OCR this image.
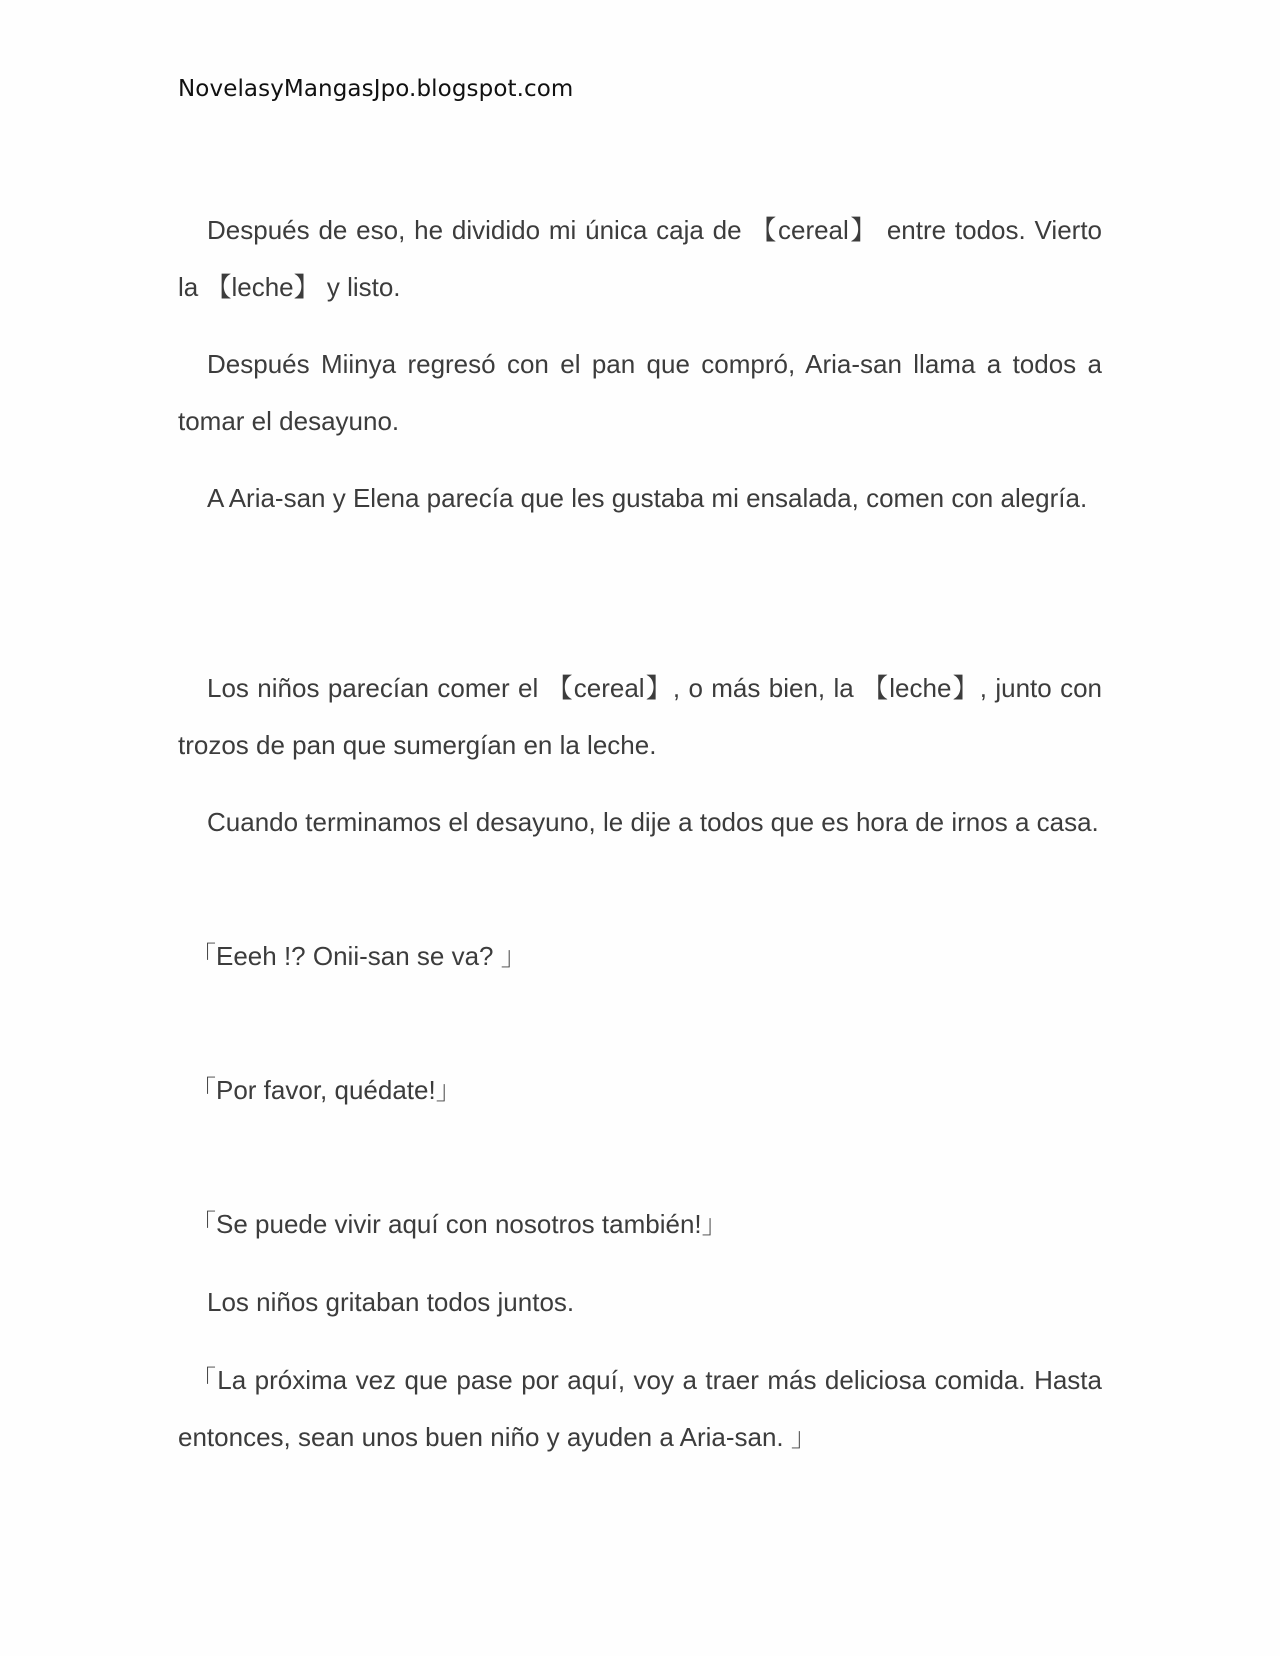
NovelasyMangasJpo.blogspot.com

Después de eso, he dividido mi única caja de 【cereal】 entre todos. Vierto la 【leche】 y listo.

Después Miinya regresó con el pan que compró, Aria-san llama a todos a tomar el desayuno.

A Aria-san y Elena parecía que les gustaba mi ensalada, comen con alegría.

Los niños parecían comer el 【cereal】, o más bien, la 【leche】, junto con trozos de pan que sumergían en la leche.

Cuando terminamos el desayuno, le dije a todos que es hora de irnos a casa.

「Eeeh !? Onii-san se va? 」

「Por favor, quédate!」

「Se puede vivir aquí con nosotros también!」

Los niños gritaban todos juntos.

「La próxima vez que pase por aquí, voy a traer más deliciosa comida. Hasta entonces, sean unos buen niño y ayuden a Aria-san. 」
